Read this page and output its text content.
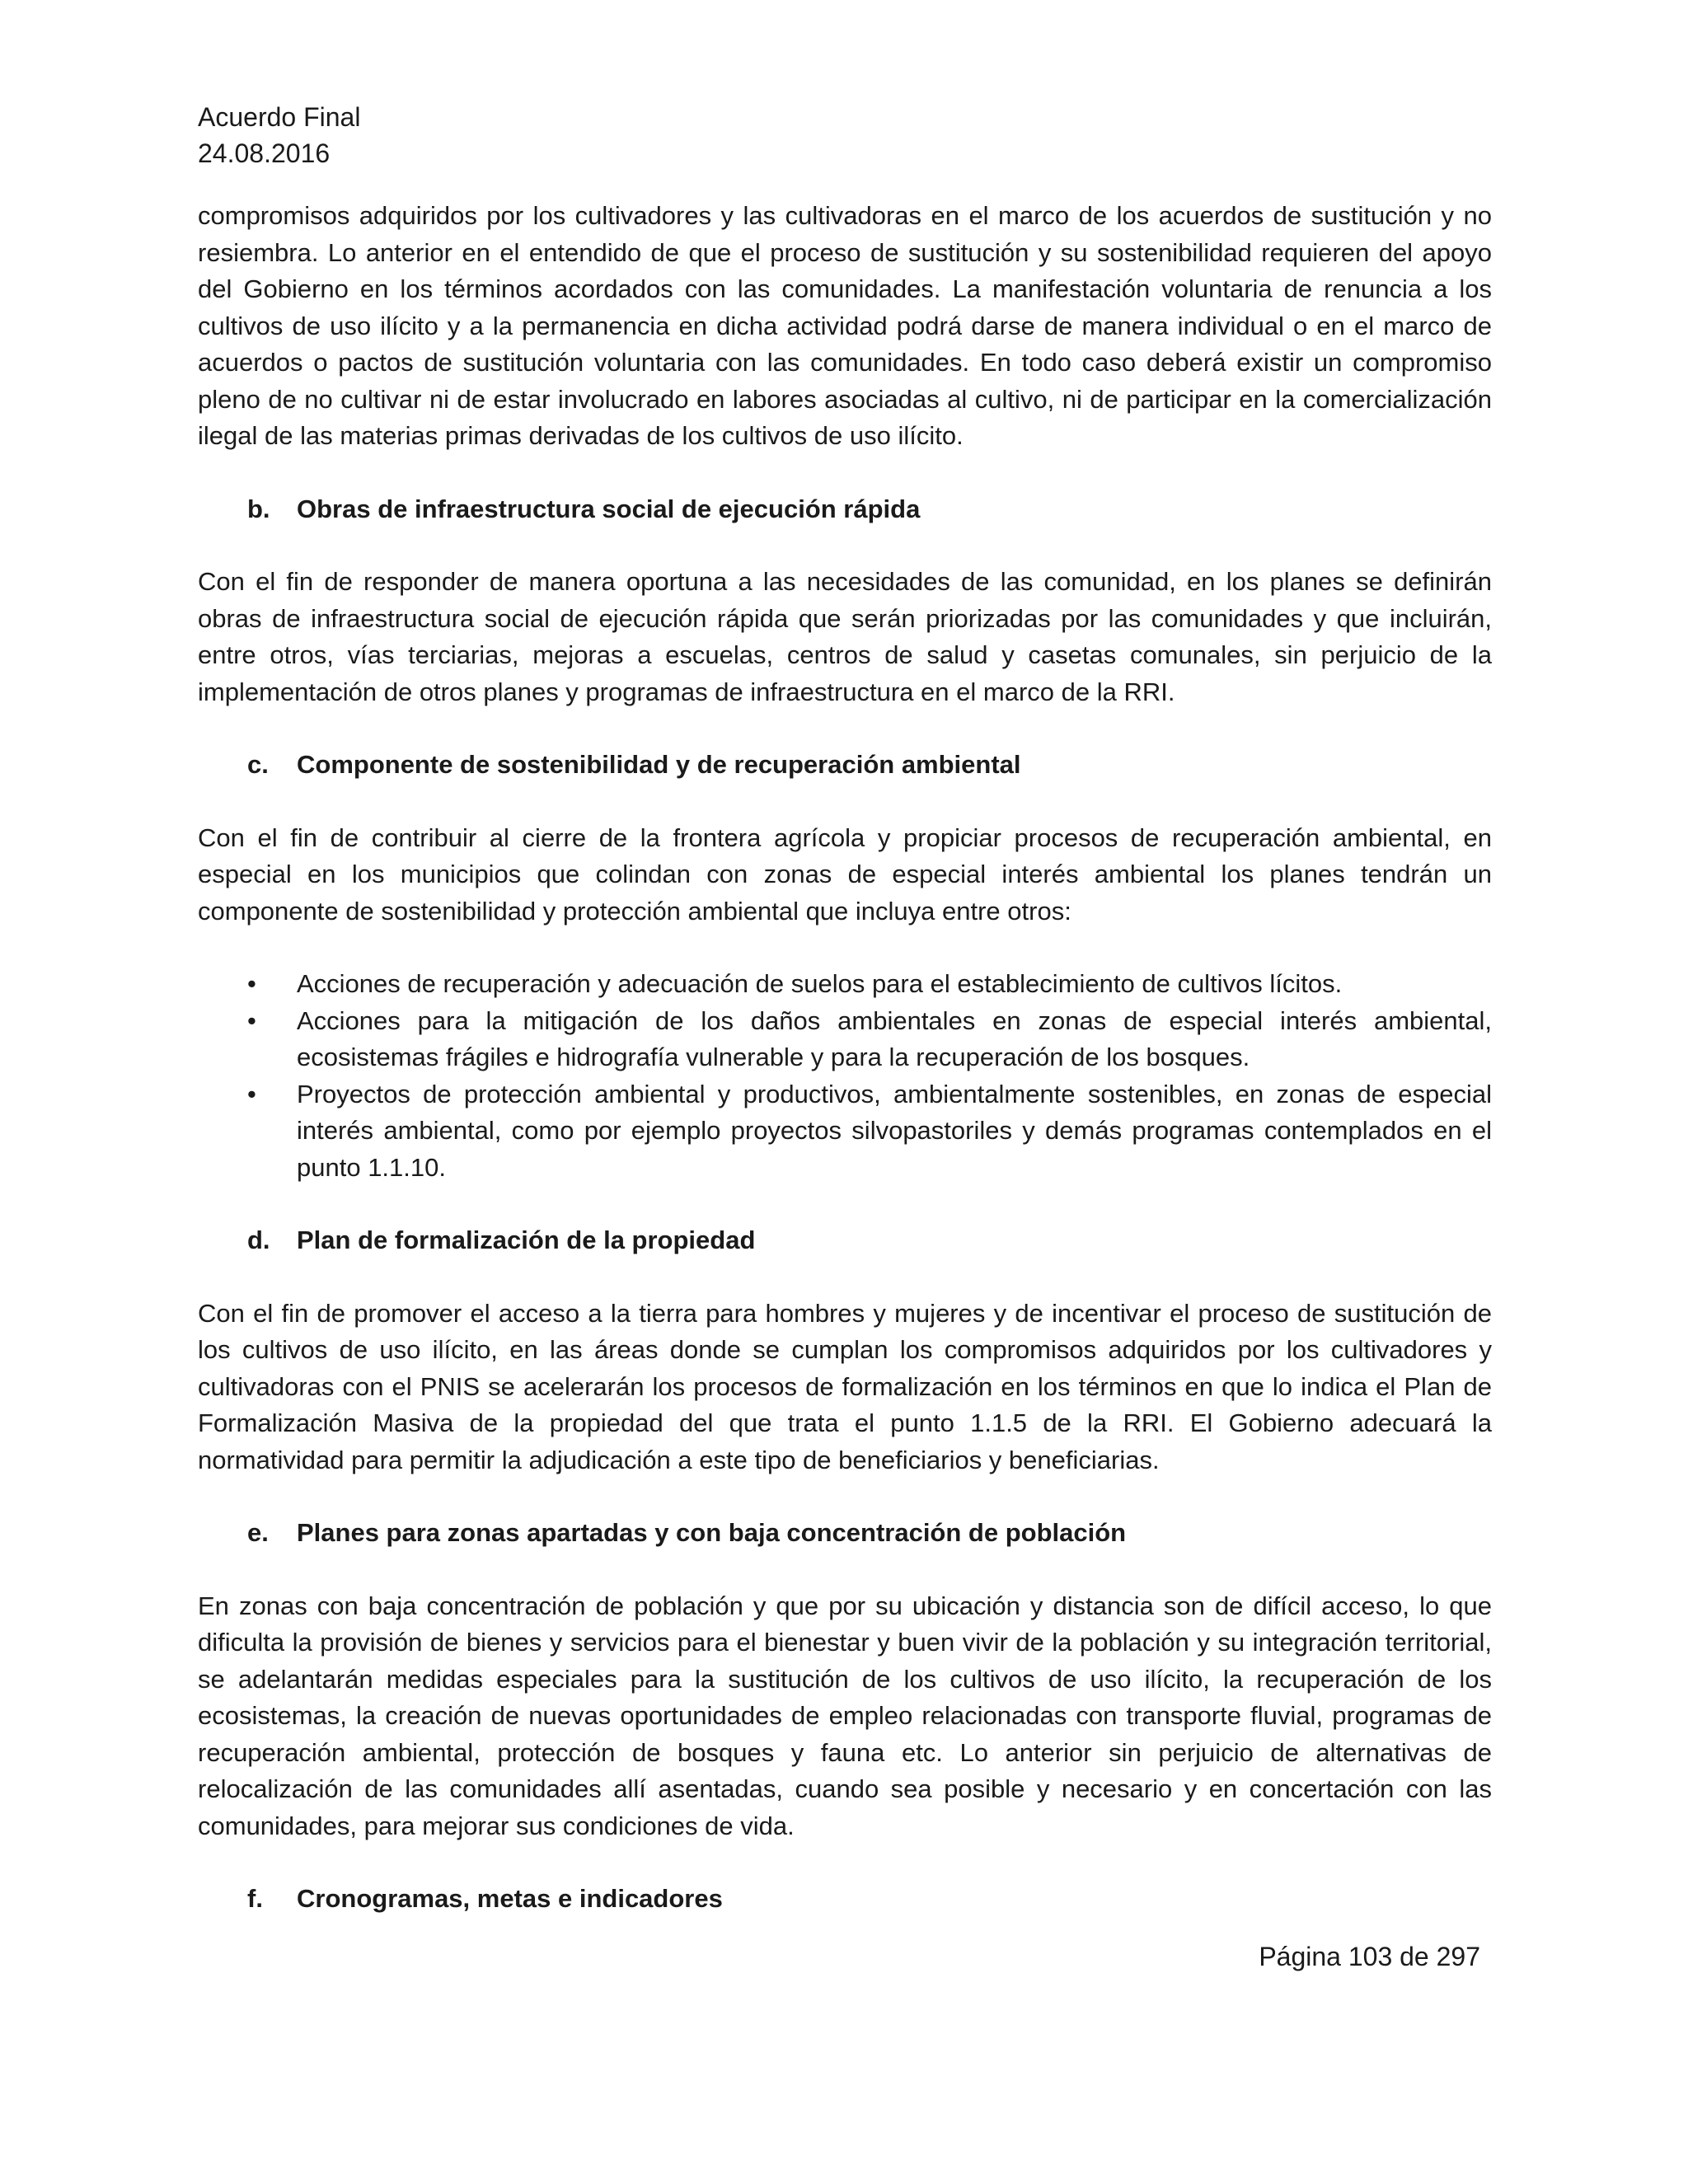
Acuerdo Final
24.08.2016

compromisos adquiridos por los cultivadores y las cultivadoras en el marco de los acuerdos de sustitución y no resiembra. Lo anterior en el entendido de que el proceso de sustitución y su sostenibilidad requieren del apoyo del Gobierno en los términos acordados con las comunidades. La manifestación voluntaria de renuncia a los cultivos de uso ilícito y a la permanencia en dicha actividad podrá darse de manera individual o en el marco de acuerdos o pactos de sustitución voluntaria con las comunidades. En todo caso deberá existir un compromiso pleno de no cultivar ni de estar involucrado en labores asociadas al cultivo, ni de participar en la comercialización ilegal de las materias primas derivadas de los cultivos de uso ilícito.

b.	Obras de infraestructura social de ejecución rápida

Con el fin de responder de manera oportuna a las necesidades de las comunidad, en los planes se definirán obras de infraestructura social de ejecución rápida que serán priorizadas por las comunidades y que incluirán, entre otros, vías terciarias, mejoras a escuelas, centros de salud y casetas comunales, sin perjuicio de la implementación de otros planes y programas de infraestructura en el marco de la RRI.

c.	Componente de sostenibilidad y de recuperación ambiental

Con el fin de contribuir al cierre de la frontera agrícola y propiciar procesos de recuperación ambiental, en especial en los municipios que colindan con zonas de especial interés ambiental los planes tendrán un componente de sostenibilidad y protección ambiental que incluya entre otros:

•	Acciones de recuperación y adecuación de suelos para el establecimiento de cultivos lícitos.
•	Acciones para la mitigación de los daños ambientales en zonas de especial interés ambiental, ecosistemas frágiles e hidrografía vulnerable y para la recuperación de los bosques.
•	Proyectos de protección ambiental y productivos, ambientalmente sostenibles, en zonas de especial interés ambiental, como por ejemplo proyectos silvopastoriles y demás programas contemplados en el punto 1.1.10.
d.	Plan de formalización de la propiedad

Con el fin de promover el acceso a la tierra para hombres y mujeres y de incentivar el proceso de sustitución de los cultivos de uso ilícito, en las áreas donde se cumplan los compromisos adquiridos por los cultivadores y cultivadoras con el PNIS se acelerarán los procesos de formalización en los términos en que lo indica el Plan de Formalización Masiva de la propiedad del que trata el punto 1.1.5 de la RRI. El Gobierno adecuará la normatividad para permitir la adjudicación a este tipo de beneficiarios y beneficiarias.

e.	Planes para zonas apartadas y con baja concentración de población

En zonas con baja concentración de población y que por su ubicación y distancia son de difícil acceso, lo que dificulta la provisión de bienes y servicios para el bienestar y buen vivir de la población y su integración territorial, se adelantarán medidas especiales para la sustitución de los cultivos de uso ilícito, la recuperación de los ecosistemas, la creación de nuevas oportunidades de empleo relacionadas con transporte fluvial, programas de recuperación ambiental, protección de bosques y fauna etc. Lo anterior sin perjuicio de alternativas de relocalización de las comunidades allí asentadas, cuando sea posible y necesario y en concertación con las comunidades, para mejorar sus condiciones de vida.

f.	Cronogramas, metas e indicadores
Página 103 de 297
